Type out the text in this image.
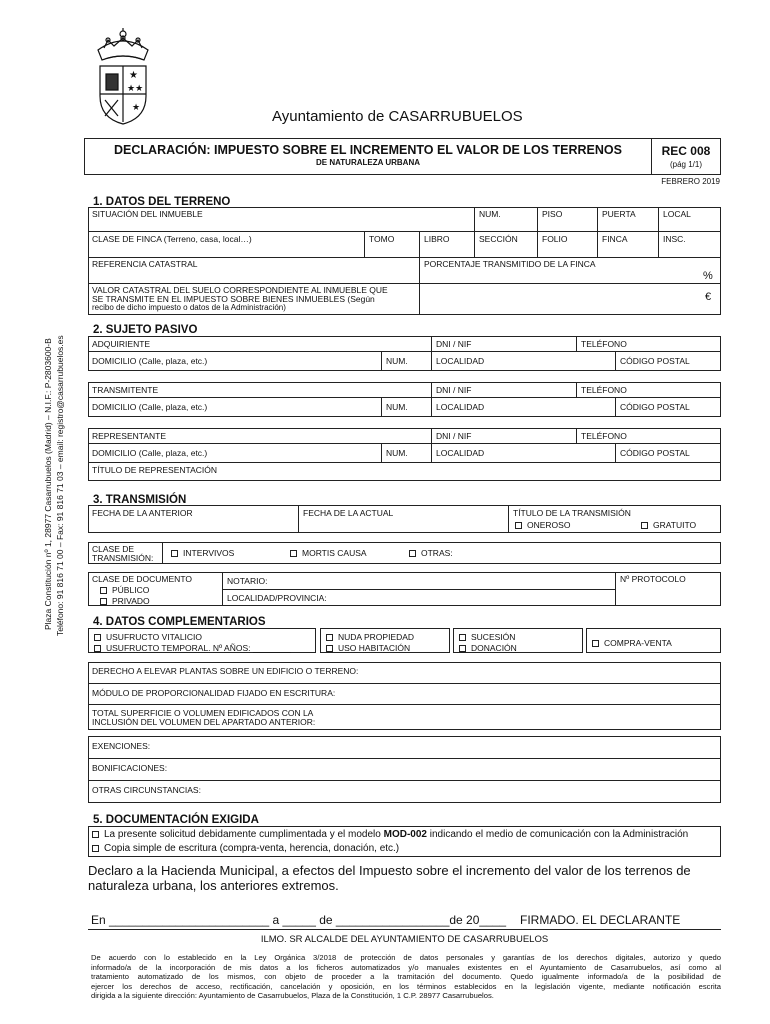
★
★★
★
Plaza Constitución nº 1, 28977 Casarrubuelos (Madrid) – N.I.F.: P-2803600-B Teléfono: 91 816 71 00 – Fax: 91 816 71 03 – email: registro@casarrubuelos.es
Ayuntamiento de CASARRUBUELOS
DECLARACIÓN: IMPUESTO SOBRE EL INCREMENTO EL VALOR DE LOS TERRENOS
DE NATURALEZA URBANA
REC 008
(pág 1/1)
FEBRERO 2019
1. DATOS DEL TERRENO
SITUACIÓN DEL INMUEBLE	NUM.	PISO	PUERTA	LOCAL
CLASE DE FINCA (Terreno, casa, local…)	TOMO	LIBRO	SECCIÓN	FOLIO	FINCA	INSC.
REFERENCIA CATASTRAL	PORCENTAJE TRANSMITIDO DE LA FINCA
%
VALOR CATASTRAL DEL SUELO CORRESPONDIENTE AL INMUEBLE QUE
SE TRANSMITE EN EL IMPUESTO SOBRE BIENES INMUEBLES (Según
recibo de dicho impuesto o datos de la Administración)
€
2. SUJETO PASIVO
ADQUIRIENTE	DNI / NIF	TELÉFONO
DOMICILIO (Calle, plaza, etc.)	NUM.	LOCALIDAD	CÓDIGO POSTAL
TRANSMITENTE	DNI / NIF	TELÉFONO
DOMICILIO (Calle, plaza, etc.)	NUM.	LOCALIDAD	CÓDIGO POSTAL
REPRESENTANTE	DNI / NIF	TELÉFONO
DOMICILIO (Calle, plaza, etc.)	NUM.	LOCALIDAD	CÓDIGO POSTAL
TÍTULO DE REPRESENTACIÓN
3. TRANSMISIÓN
FECHA DE LA ANTERIOR	FECHA DE LA ACTUAL	TÍTULO DE LA TRANSMISIÓN
ONEROSO	GRATUITO
CLASE DE
TRANSMISIÓN:	INTERVIVOS	MORTIS CAUSA	OTRAS:
CLASE DE DOCUMENTO
PÚBLICO
PRIVADO
NOTARIO:
LOCALIDAD/PROVINCIA:
Nº PROTOCOLO
4. DATOS COMPLEMENTARIOS
USUFRUCTO VITALICIO
USUFRUCTO TEMPORAL. Nº AÑOS: ________
NUDA PROPIEDAD
USO HABITACIÓN
SUCESIÓN
DONACIÓN	COMPRA-VENTA
DERECHO A ELEVAR PLANTAS SOBRE UN EDIFICIO O TERRENO:
MÓDULO DE PROPORCIONALIDAD FIJADO EN ESCRITURA:
TOTAL SUPERFICIE O VOLUMEN EDIFICADOS CON LA
INCLUSIÓN DEL VOLUMEN DEL APARTADO ANTERIOR:
EXENCIONES:
BONIFICACIONES:
OTRAS CIRCUNSTANCIAS:
5. DOCUMENTACIÓN EXIGIDA
La presente solicitud debidamente cumplimentada y el modelo MOD-002 indicando el medio de comunicación con la Administración
Copia simple de escritura (compra-venta, herencia, donación, etc.)
Declaro a la Hacienda Municipal, a efectos del Impuesto sobre el incremento del valor de los terrenos de
naturaleza urbana, los anteriores extremos.
En ________________________ a _____ de _________________de 20____ FIRMADO. EL DECLARANTE
ILMO. SR ALCALDE DEL AYUNTAMIENTO DE CASARRUBUELOS
De acuerdo con lo establecido en la Ley Orgánica 3/2018 de protección de datos personales y garantías de los derechos digitales, autorizo y quedo
informado/a de la incorporación de mis datos a los ficheros automatizados y/o manuales existentes en el Ayuntamiento de Casarrubuelos, así como al
tratamiento automatizado de los mismos, con objeto de proceder a la tramitación del documento. Quedo igualmente informado/a de la posibilidad de
ejercer los derechos de acceso, rectificación, cancelación y oposición, en los términos establecidos en la legislación vigente, mediante notificación escrita
dirigida a la siguiente dirección: Ayuntamiento de Casarrubuelos, Plaza de la Constitución, 1 C.P. 28977 Casarrubuelos.
